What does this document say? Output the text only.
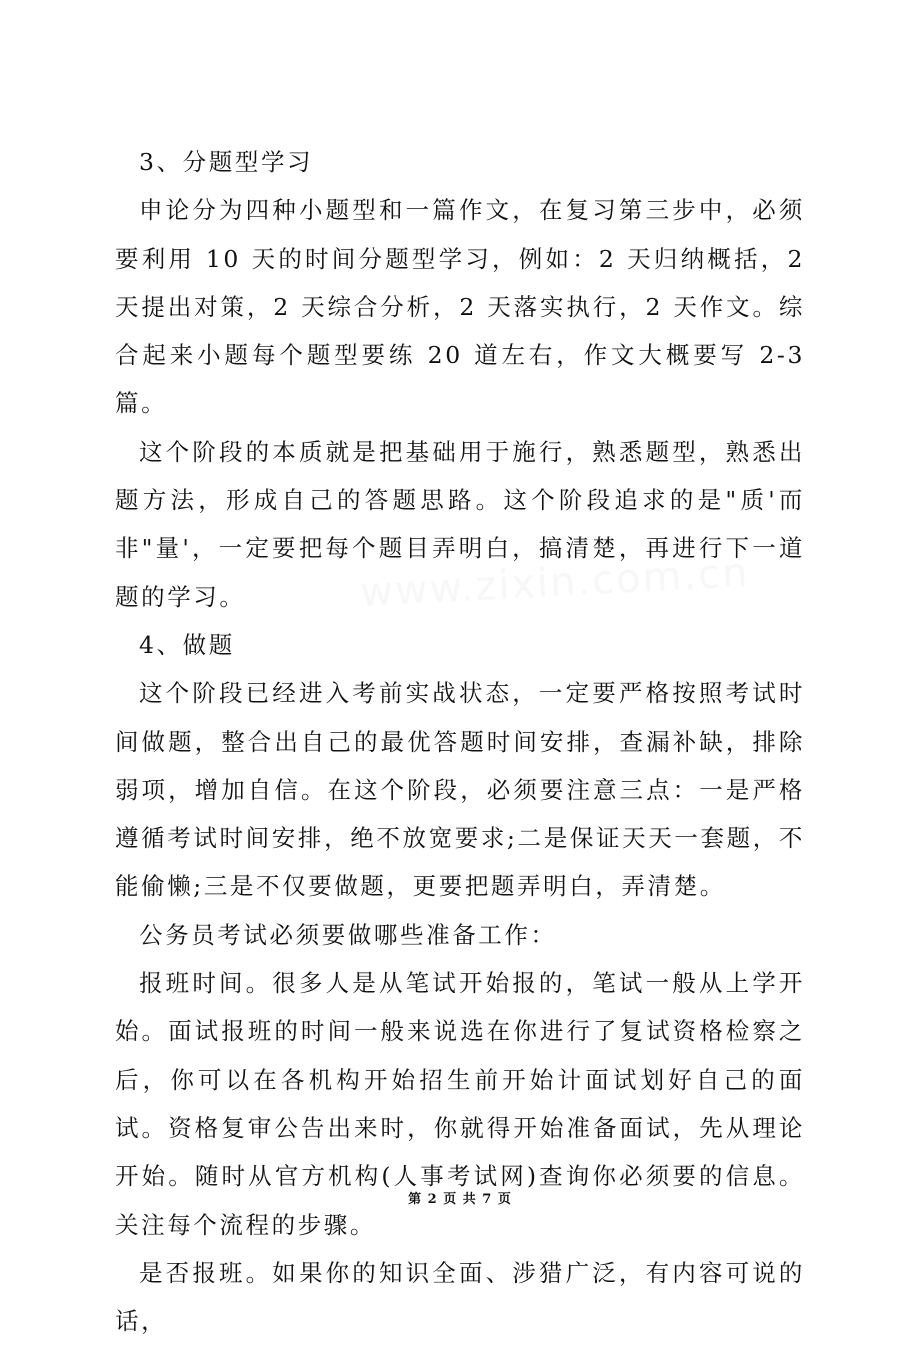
www.zixin.com.cn

3、分题型学习

申论分为四种小题型和一篇作文，在复习第三步中，必须要利用 10 天的时间分题型学习，例如：2 天归纳概括，2 天提出对策，2 天综合分析，2 天落实执行，2 天作文。综合起来小题每个题型要练 20 道左右，作文大概要写 2-3 篇。

这个阶段的本质就是把基础用于施行，熟悉题型，熟悉出题方法，形成自己的答题思路。这个阶段追求的是"质'而非"量'，一定要把每个题目弄明白，搞清楚，再进行下一道题的学习。

4、做题

这个阶段已经进入考前实战状态，一定要严格按照考试时间做题，整合出自己的最优答题时间安排，查漏补缺，排除弱项，增加自信。在这个阶段，必须要注意三点：一是严格遵循考试时间安排，绝不放宽要求;二是保证天天一套题，不能偷懒;三是不仅要做题，更要把题弄明白，弄清楚。

公务员考试必须要做哪些准备工作：

报班时间。很多人是从笔试开始报的，笔试一般从上学开始。面试报班的时间一般来说选在你进行了复试资格检察之后，你可以在各机构开始招生前开始计面试划好自己的面试。资格复审公告出来时，你就得开始准备面试，先从理论开始。随时从官方机构(人事考试网)查询你必须要的信息。关注每个流程的步骤。

是否报班。如果你的知识全面、涉猎广泛，有内容可说的话，

第 2 页 共 7 页
